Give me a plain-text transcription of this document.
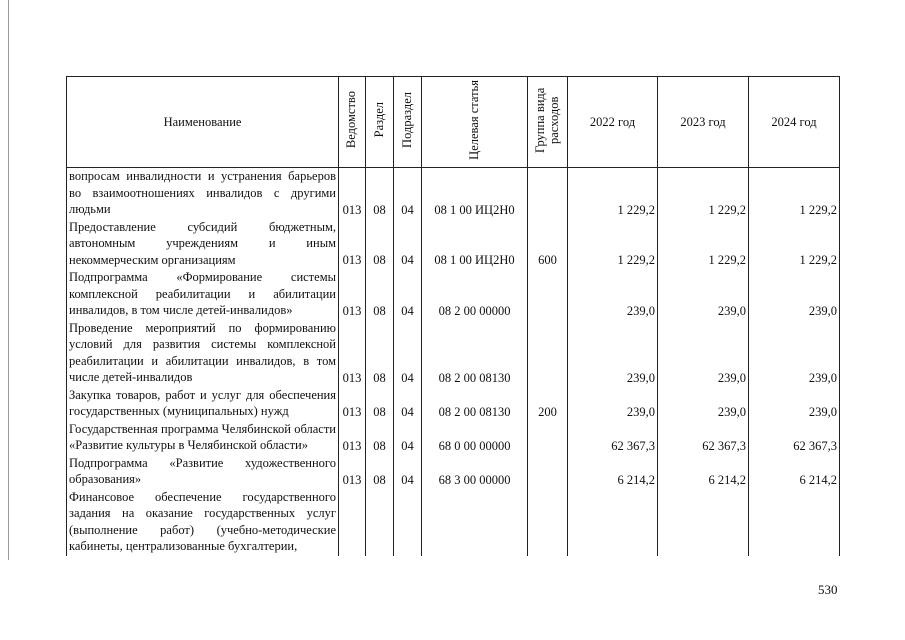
Наименование	Ведомство	Раздел	Подраздел	Целевая статья	Группа вида расходов	2022 год	2023 год	2024 год
вопросам инвалидности и устранения барьеров во взаимоотношениях инвалидов с другими людьми	013	08	04	08 1 00 ИЦ2Н0		1 229,2	1 229,2	1 229,2
Предоставление субсидий бюджетным, автономным учреждениям и иным некоммерческим организациям	013	08	04	08 1 00 ИЦ2Н0	600	1 229,2	1 229,2	1 229,2
Подпрограмма «Формирование системы комплексной реабилитации и абилитации инвалидов, в том числе детей-инвалидов»	013	08	04	08 2 00 00000		239,0	239,0	239,0
Проведение мероприятий по формированию условий для развития системы комплексной реабилитации и абилитации инвалидов, в том числе детей-инвалидов	013	08	04	08 2 00 08130		239,0	239,0	239,0
Закупка товаров, работ и услуг для обеспечения государственных (муниципальных) нужд	013	08	04	08 2 00 08130	200	239,0	239,0	239,0
Государственная программа Челябинской области «Развитие культуры в Челябинской области»	013	08	04	68 0 00 00000		62 367,3	62 367,3	62 367,3
Подпрограмма «Развитие художественного образования»	013	08	04	68 3 00 00000		6 214,2	6 214,2	6 214,2
Финансовое обеспечение государственного задания на оказание государственных услуг (выполнение работ) (учебно-методические кабинеты, централизованные бухгалтерии,								
530
